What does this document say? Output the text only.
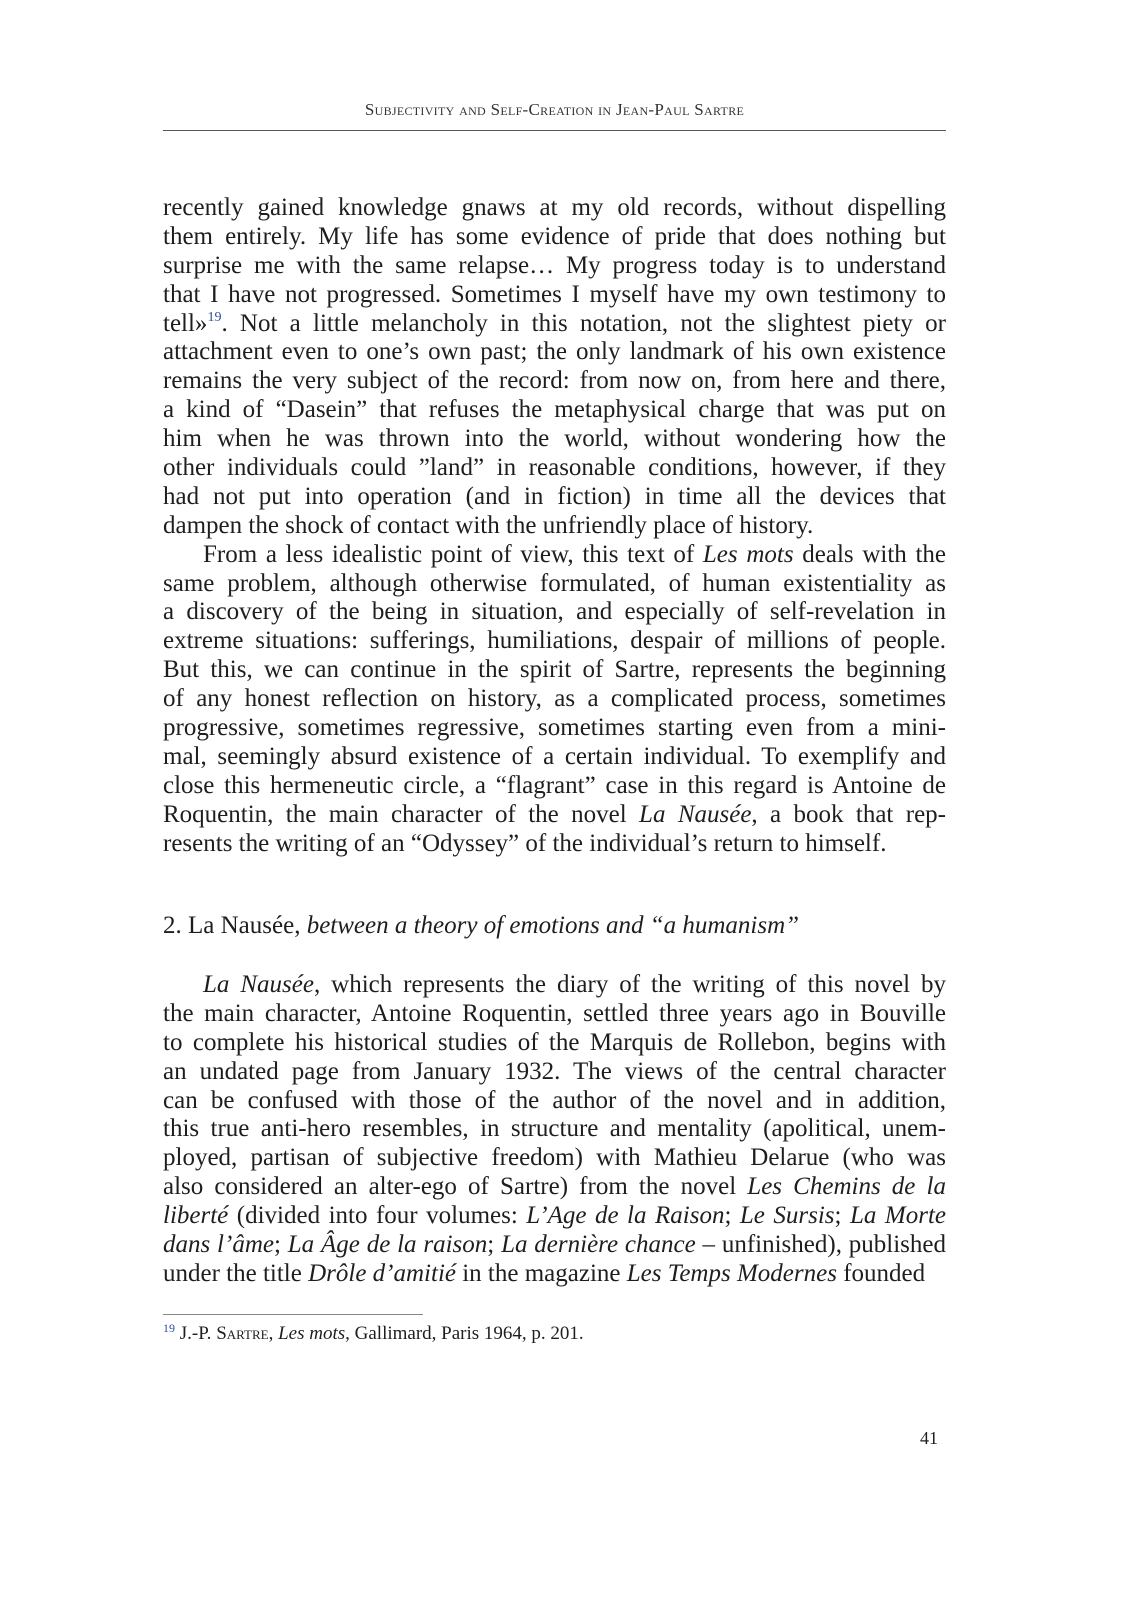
Subjectivity and Self-Creation in Jean-Paul Sartre
recently gained knowledge gnaws at my old records, without dispelling
them entirely. My life has some evidence of pride that does nothing but
surprise me with the same relapse… My progress today is to understand
that I have not progressed. Sometimes I myself have my own testimony to
tell»$^{19}$. Not a little melancholy in this notation, not the slightest piety or
attachment even to one’s own past; the only landmark of his own existence
remains the very subject of the record: from now on, from here and there,
a kind of “Dasein” that refuses the metaphysical charge that was put on
him when he was thrown into the world, without wondering how the
other individuals could ”land” in reasonable conditions, however, if they
had not put into operation (and in fiction) in time all the devices that
dampen the shock of contact with the unfriendly place of history.
From a less idealistic point of view, this text of Les mots deals with the
same problem, although otherwise formulated, of human existentiality as
a discovery of the being in situation, and especially of self-revelation in
extreme situations: sufferings, humiliations, despair of millions of people.
But this, we can continue in the spirit of Sartre, represents the beginning
of any honest reflection on history, as a complicated process, sometimes
progressive, sometimes regressive, sometimes starting even from a mini-
mal, seemingly absurd existence of a certain individual. To exemplify and
close this hermeneutic circle, a “flagrant” case in this regard is Antoine de
Roquentin, the main character of the novel La Nausée, a book that rep-
resents the writing of an “Odyssey” of the individual’s return to himself.
2. La Nausée, between a theory of emotions and “a humanism”
La Nausée, which represents the diary of the writing of this novel by
the main character, Antoine Roquentin, settled three years ago in Bouville
to complete his historical studies of the Marquis de Rollebon, begins with
an undated page from January 1932. The views of the central character
can be confused with those of the author of the novel and in addition,
this true anti-hero resembles, in structure and mentality (apolitical, unem-
ployed, partisan of subjective freedom) with Mathieu Delarue (who was
also considered an alter-ego of Sartre) from the novel Les Chemins de la
liberté (divided into four volumes: L’Age de la Raison; Le Sursis; La Morte
dans l’âme; La Âge de la raison; La dernière chance – unfinished), published
under the title Drôle d’amitié in the magazine Les Temps Modernes founded
$^{19}$ J.-P. Sartre, Les mots, Gallimard, Paris 1964, p. 201.
41
